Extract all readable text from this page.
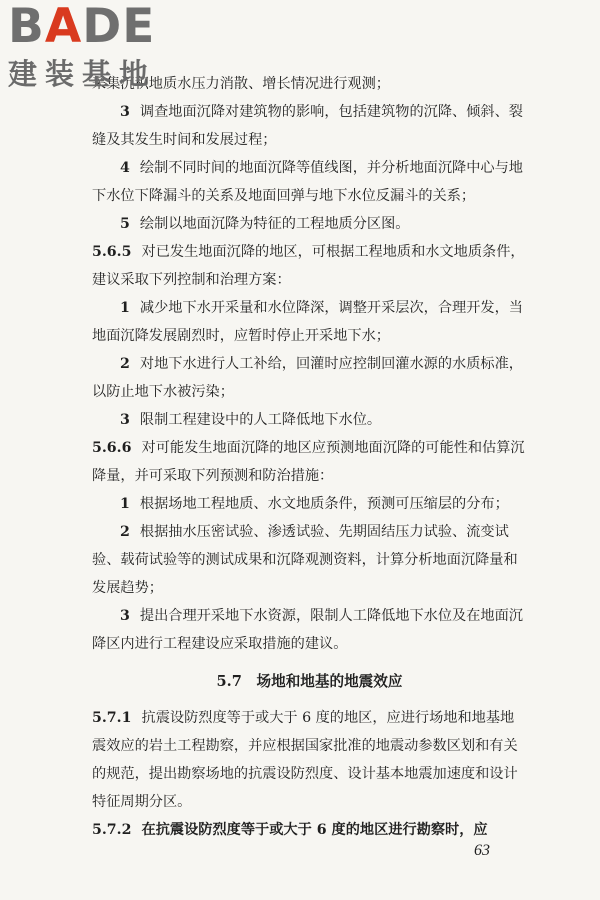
BADE
建装基地

采集沉积地质水压力消散、增长情况进行观测；

3 调查地面沉降对建筑物的影响，包括建筑物的沉降、倾斜、裂缝及其发生时间和发展过程；

4 绘制不同时间的地面沉降等值线图，并分析地面沉降中心与地下水位下降漏斗的关系及地面回弹与地下水位反漏斗的关系；

5 绘制以地面沉降为特征的工程地质分区图。

5.6.5 对已发生地面沉降的地区，可根据工程地质和水文地质条件，建议采取下列控制和治理方案：

1 减少地下水开采量和水位降深，调整开采层次，合理开发，当地面沉降发展剧烈时，应暂时停止开采地下水；

2 对地下水进行人工补给，回灌时应控制回灌水源的水质标准，以防止地下水被污染；

3 限制工程建设中的人工降低地下水位。

5.6.6 对可能发生地面沉降的地区应预测地面沉降的可能性和估算沉降量，并可采取下列预测和防治措施：

1 根据场地工程地质、水文地质条件，预测可压缩层的分布；

2 根据抽水压密试验、渗透试验、先期固结压力试验、流变试验、载荷试验等的测试成果和沉降观测资料，计算分析地面沉降量和发展趋势；

3 提出合理开采地下水资源，限制人工降低地下水位及在地面沉降区内进行工程建设应采取措施的建议。

5.7　场地和地基的地震效应

5.7.1 抗震设防烈度等于或大于 6 度的地区，应进行场地和地基地震效应的岩土工程勘察，并应根据国家批准的地震动参数区划和有关的规范，提出勘察场地的抗震设防烈度、设计基本地震加速度和设计特征周期分区。

5.7.2 在抗震设防烈度等于或大于 6 度的地区进行勘察时，应

63
